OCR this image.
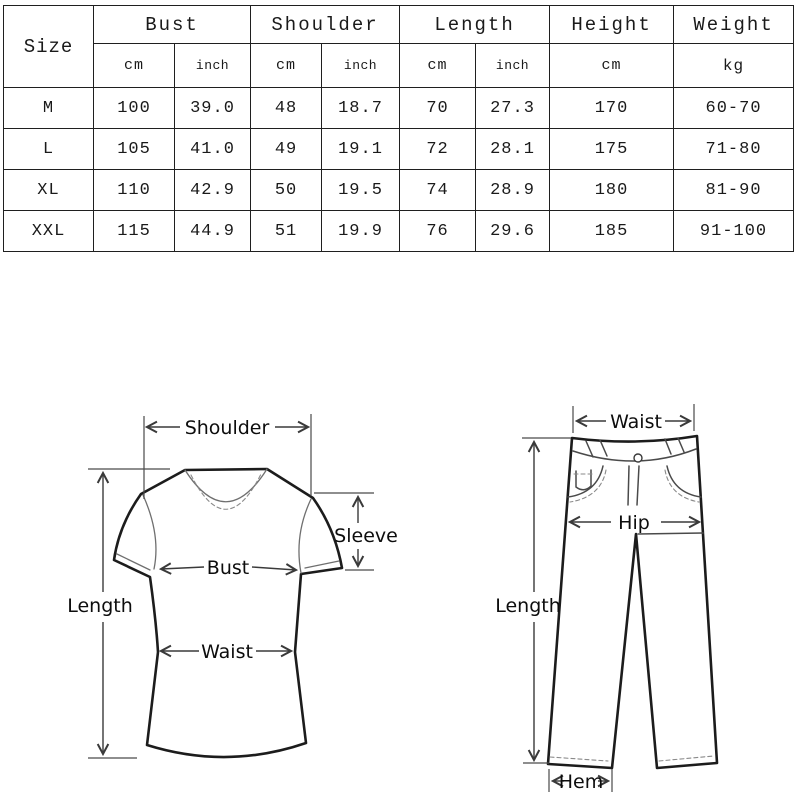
Size	Bust		Shoulder		Length		Height	Weight
	cm	inch	cm	inch	cm	inch	cm	kg
M	100	39.0	48	18.7	70	27.3	170	60-70
L	105	41.0	49	19.1	72	28.1	175	71-80
XL	110	42.9	50	19.5	74	28.9	180	81-90
XXL	115	44.9	51	19.9	76	29.6	185	91-100
Shoulder
Length
Sleeve
Bust
Waist
Waist
Hip
Length
Hem
